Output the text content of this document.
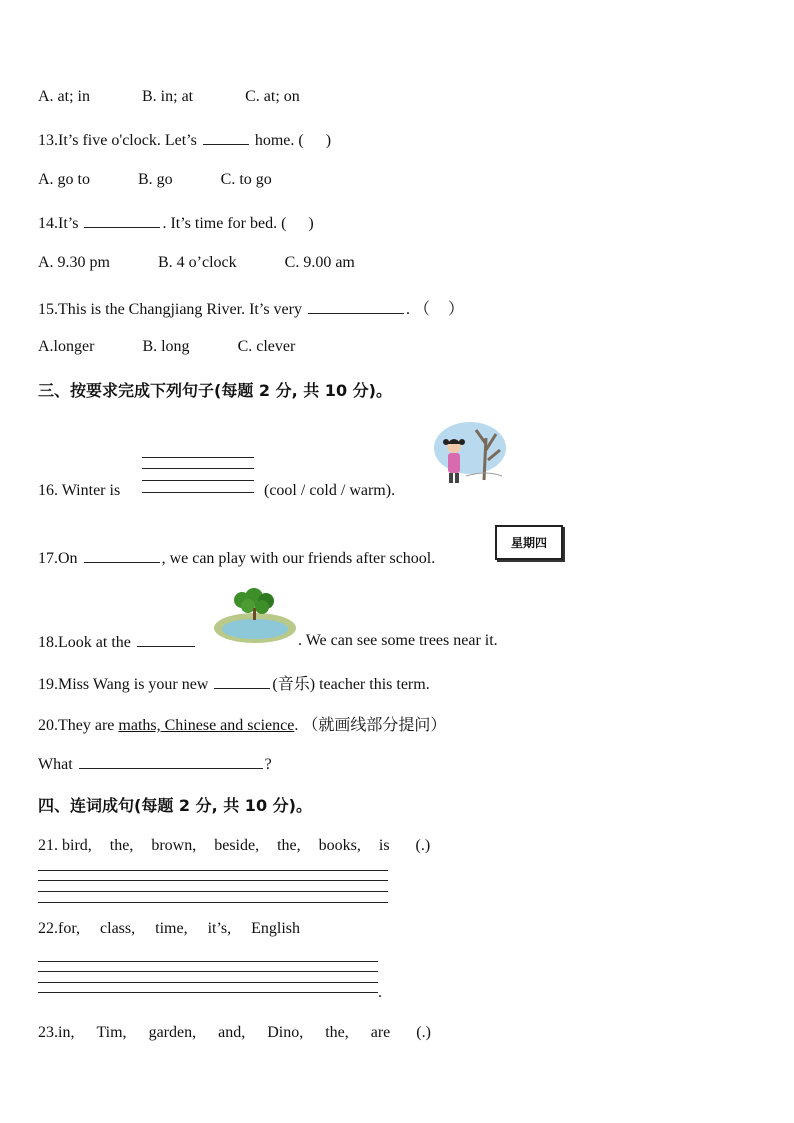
A. at; in	B. in; at	C. at; on
13.It’s five o'clock. Let’s	home. ( )
A. go to	B. go	C. to go
14.It’s	. It’s time for bed. ( )
A. 9.30 pm	B. 4 o’clock	C. 9.00 am
15.This is the Changjiang River. It’s very	. （ ）
A.longer	B. long	C. clever
三、按要求完成下列句子(每题 2 分, 共 10 分)。
16. Winter is	(cool / cold / warm).
17.On	, we can play with our friends after school.
星期四
18.Look at the	. We can see some trees near it.
19.Miss Wang is your new	(音乐) teacher this term.
20.They are maths, Chinese and science. （就画线部分提问）
What	?
四、连词成句(每题 2 分, 共 10 分)。
21. bird, the, brown, beside, the, books, is (.)
22.for, class, time, it’s, English
.
23.in, Tim, garden, and, Dino, the, are (.)
